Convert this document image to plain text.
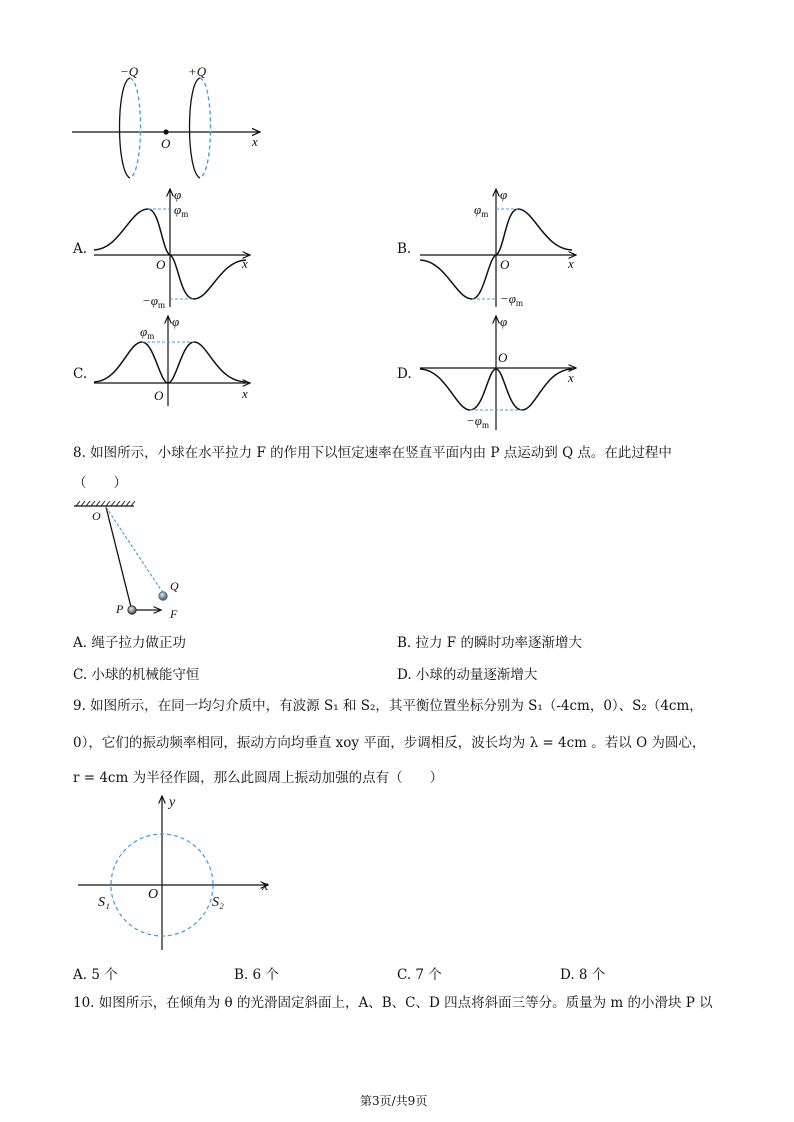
−Q	+Q
O	x
A.
φ
x
O
$\varphi_m$
$-\varphi_m$
B.
φ
x
O
$\varphi_m$
$-\varphi_m$
C.
φ
x
O
$\varphi_m$
D.
φ
x
O
$-\varphi_m$
8. 如图所示，小球在水平拉力 F 的作用下以恒定速率在竖直平面内由 P 点运动到 Q 点。在此过程中
（　　）
O
P
Q
F
A. 绳子拉力做正功	B. 拉力 F 的瞬时功率逐渐增大
C. 小球的机械能守恒	D. 小球的动量逐渐增大
9. 如图所示，在同一均匀介质中，有波源 S₁ 和 S₂，其平衡位置坐标分别为 S₁（-4cm，0）、S₂（4cm，
0），它们的振动频率相同，振动方向均垂直 xoy 平面，步调相反，波长均为 λ = 4cm 。若以 O 为圆心，
r = 4cm 为半径作圆，那么此圆周上振动加强的点有（　　）
y
x
O
S₁	S₂
A. 5 个	B. 6 个	C. 7 个	D. 8 个
10. 如图所示，在倾角为 θ 的光滑固定斜面上，A、B、C、D 四点将斜面三等分。质量为 m 的小滑块 P 以
第3页/共9页
